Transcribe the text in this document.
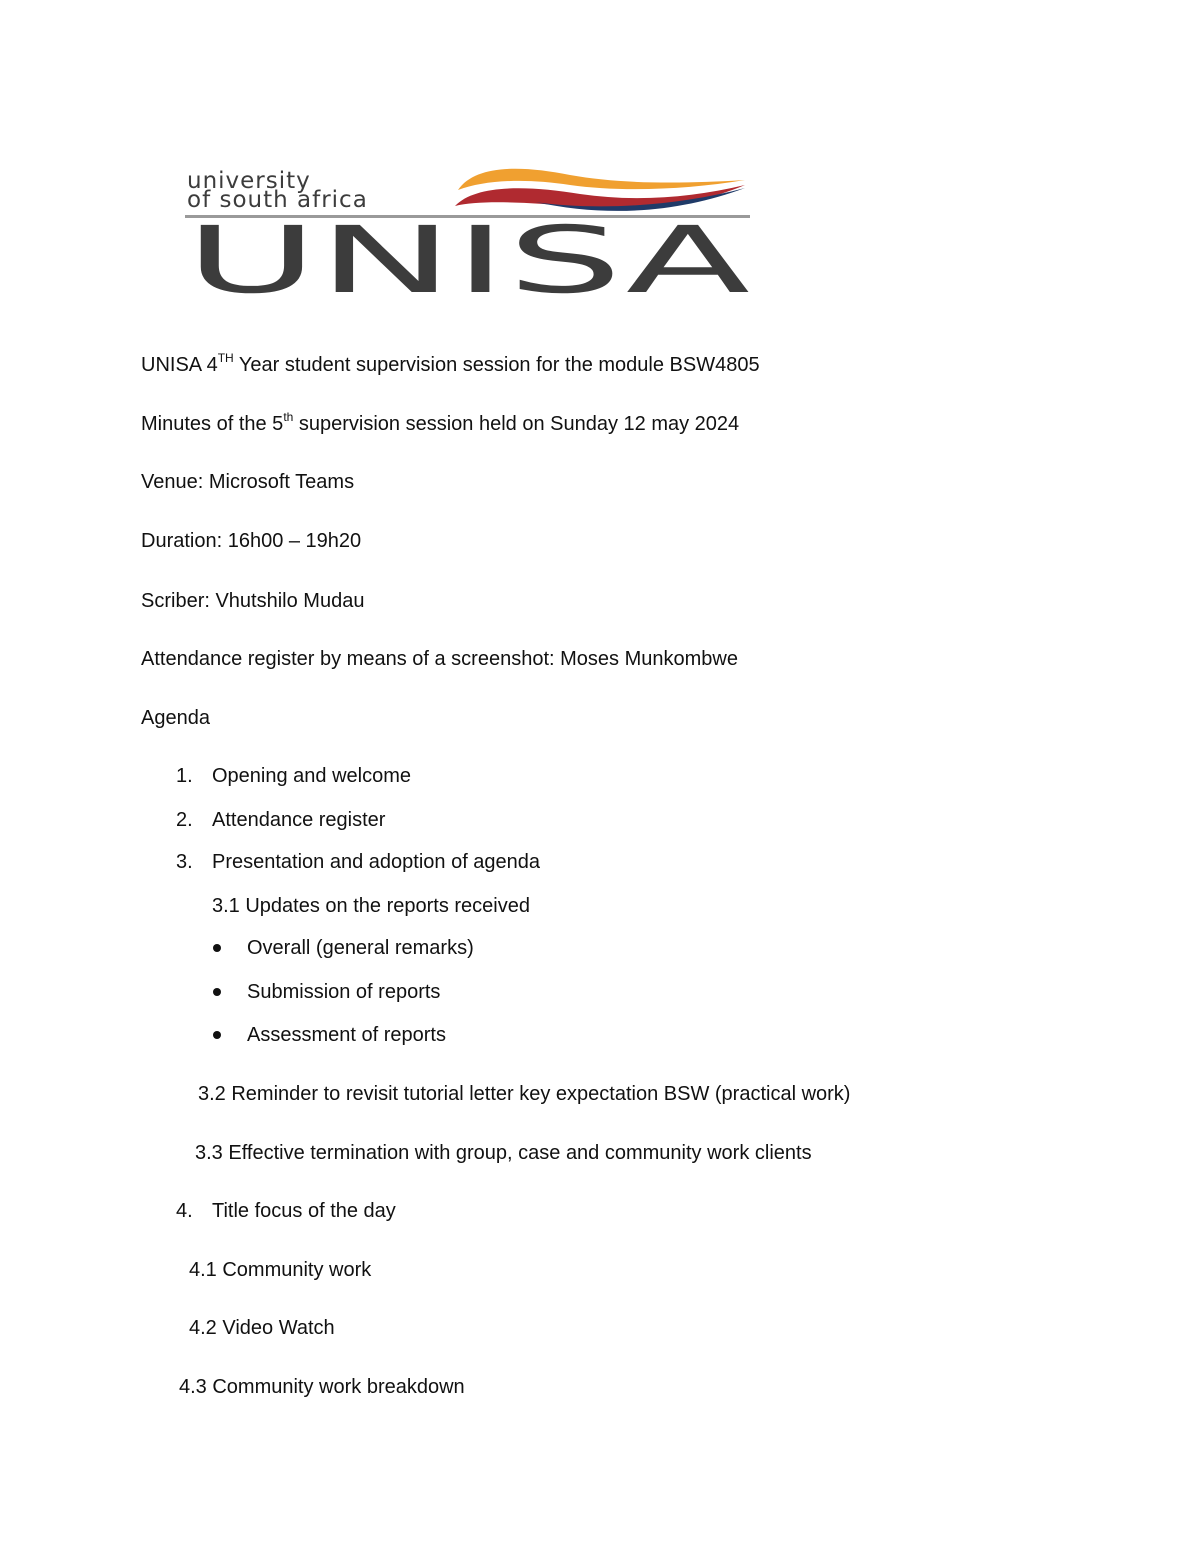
university
of south africa
UNISA
UNISA 4TH Year student supervision session for the module BSW4805
Minutes of the 5th supervision session held on Sunday 12 may 2024
Venue: Microsoft Teams
Duration: 16h00 – 19h20
Scriber: Vhutshilo Mudau
Attendance register by means of a screenshot: Moses Munkombwe
Agenda
1. Opening and welcome
2. Attendance register
3. Presentation and adoption of agenda
3.1 Updates on the reports received
Overall (general remarks)
Submission of reports
Assessment of reports
3.2 Reminder to revisit tutorial letter key expectation BSW (practical work)
3.3 Effective termination with group, case and community work clients
4. Title focus of the day
4.1 Community work
4.2 Video Watch
4.3 Community work breakdown
